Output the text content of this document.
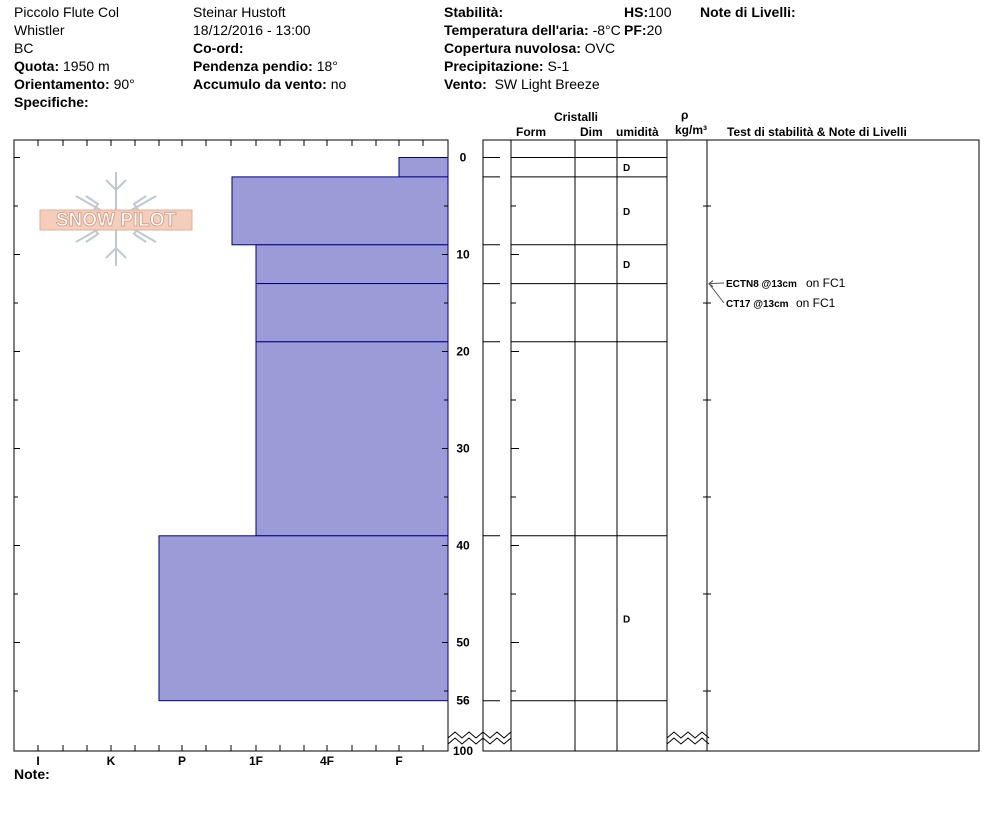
Piccolo Flute Col
Whistler
BC
Quota: 1950 m
Orientamento: 90°
Specifiche:
Steinar Hustoft
18/12/2016 - 13:00
Co-ord:
Pendenza pendio: 18°
Accumulo da vento: no
Stabilità:
Temperatura dell'aria: -8°C
Copertura nuvolosa: OVC
Precipitazione: S-1
Vento: SW Light Breeze
HS:100
PF:20
Note di Livelli:
Cristalli
Form	Dim umidità
ρ
kg/m³ Test di stabilità & Note di Livelli
SNOW PILOT
0
10
20
30
40
50
56
100
I	K	P	1F	4F	F
D
D
D
D
ECTN8 @13cm on FC1
CT17 @13cm on FC1
Note:
